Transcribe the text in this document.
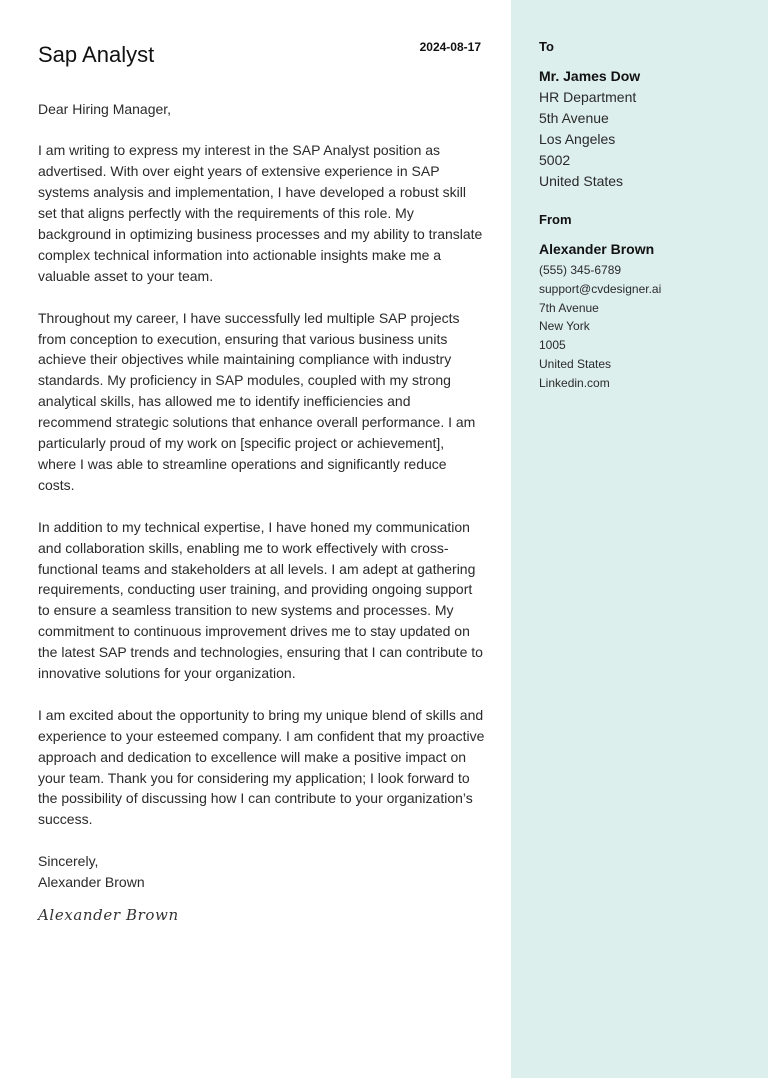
Sap Analyst	2024-08-17

Dear Hiring Manager,

I am writing to express my interest in the SAP Analyst position as advertised. With over eight years of extensive experience in SAP systems analysis and implementation, I have developed a robust skill set that aligns perfectly with the requirements of this role. My background in optimizing business processes and my ability to translate complex technical information into actionable insights make me a valuable asset to your team.

Throughout my career, I have successfully led multiple SAP projects from conception to execution, ensuring that various business units achieve their objectives while maintaining compliance with industry standards. My proficiency in SAP modules, coupled with my strong analytical skills, has allowed me to identify inefficiencies and recommend strategic solutions that enhance overall performance. I am particularly proud of my work on [specific project or achievement], where I was able to streamline operations and significantly reduce costs.

In addition to my technical expertise, I have honed my communication and collaboration skills, enabling me to work effectively with cross-functional teams and stakeholders at all levels. I am adept at gathering requirements, conducting user training, and providing ongoing support to ensure a seamless transition to new systems and processes. My commitment to continuous improvement drives me to stay updated on the latest SAP trends and technologies, ensuring that I can contribute to innovative solutions for your organization.

I am excited about the opportunity to bring my unique blend of skills and experience to your esteemed company. I am confident that my proactive approach and dedication to excellence will make a positive impact on your team. Thank you for considering my application; I look forward to the possibility of discussing how I can contribute to your organization’s success.

Sincerely,
Alexander Brown
Alexander Brown
To
Mr. James Dow
HR Department
5th Avenue
Los Angeles
5002
United States
From
Alexander Brown
(555) 345-6789
support@cvdesigner.ai
7th Avenue
New York
1005
United States
Linkedin.com
